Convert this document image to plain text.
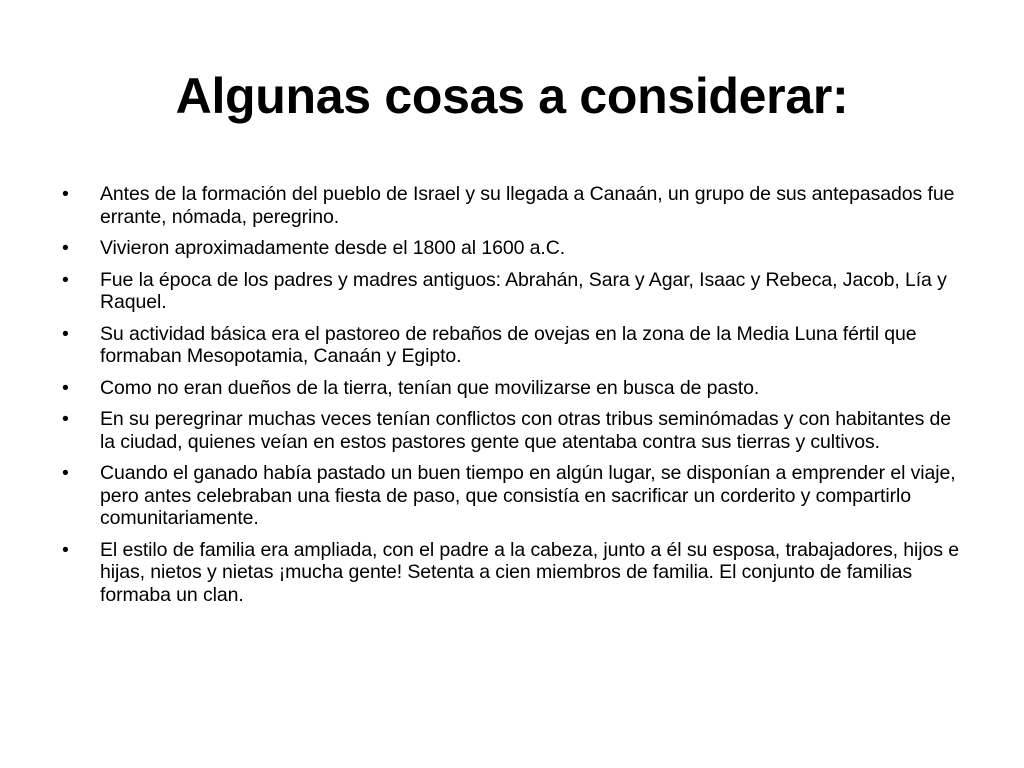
Algunas cosas a considerar:
•	Antes de la formación del pueblo de Israel y su llegada a Canaán, un grupo de sus antepasados fue errante, nómada, peregrino.
•	Vivieron aproximadamente desde el 1800 al 1600 a.C.
•	Fue la época de los padres y madres antiguos: Abrahán, Sara y Agar, Isaac y Rebeca, Jacob, Lía y Raquel.
•	Su actividad básica era el pastoreo de rebaños de ovejas en la zona de la Media Luna fértil que formaban Mesopotamia, Canaán y Egipto.
•	Como no eran dueños de la tierra, tenían que movilizarse en busca de pasto.
•	En su peregrinar muchas veces tenían conflictos con otras tribus seminómadas y con habitantes de la ciudad, quienes veían en estos pastores gente que atentaba contra sus tierras y cultivos.
•	Cuando el ganado había pastado un buen tiempo en algún lugar, se disponían a emprender el viaje, pero antes celebraban una fiesta de paso, que consistía en sacrificar un corderito y compartirlo comunitariamente.
•	El estilo de familia era ampliada, con el padre a la cabeza, junto a él su esposa, trabajadores, hijos e hijas, nietos y nietas ¡mucha gente! Setenta a cien miembros de familia. El conjunto de familias formaba un clan.
